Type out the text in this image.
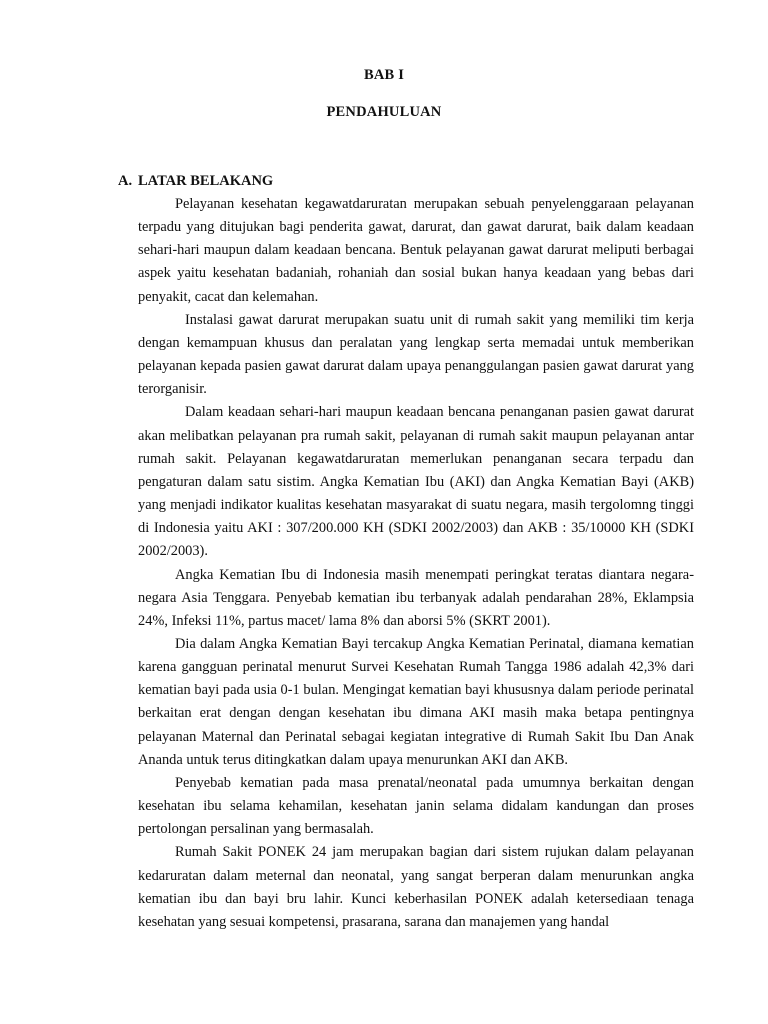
BAB I
PENDAHULUAN
A. LATAR BELAKANG

Pelayanan kesehatan kegawatdaruratan merupakan sebuah penyelenggaraan pelayanan terpadu yang ditujukan bagi penderita gawat, darurat, dan gawat darurat, baik dalam keadaan sehari-hari maupun dalam keadaan bencana. Bentuk pelayanan gawat darurat meliputi berbagai aspek yaitu kesehatan badaniah, rohaniah dan sosial bukan hanya keadaan yang bebas dari penyakit, cacat dan kelemahan.

Instalasi gawat darurat merupakan suatu unit di rumah sakit yang memiliki tim kerja dengan kemampuan khusus dan peralatan yang lengkap serta memadai untuk memberikan pelayanan kepada pasien gawat darurat dalam upaya penanggulangan pasien gawat darurat yang terorganisir.

Dalam keadaan sehari-hari maupun keadaan bencana penanganan pasien gawat darurat akan melibatkan pelayanan pra rumah sakit, pelayanan di rumah sakit maupun pelayanan antar rumah sakit. Pelayanan kegawatdaruratan memerlukan penanganan secara terpadu dan pengaturan dalam satu sistim. Angka Kematian Ibu (AKI) dan Angka Kematian Bayi (AKB) yang menjadi indikator kualitas kesehatan masyarakat di suatu negara, masih tergolomng tinggi di Indonesia yaitu AKI : 307/200.000 KH (SDKI 2002/2003) dan AKB : 35/10000 KH (SDKI 2002/2003).

Angka Kematian Ibu di Indonesia masih menempati peringkat teratas diantara negara-negara Asia Tenggara. Penyebab kematian ibu terbanyak adalah pendarahan 28%, Eklampsia 24%, Infeksi 11%, partus macet/ lama 8% dan aborsi 5% (SKRT 2001).

Dia dalam Angka Kematian Bayi tercakup Angka Kematian Perinatal, diamana kematian karena gangguan perinatal menurut Survei Kesehatan Rumah Tangga 1986 adalah 42,3% dari kematian bayi pada usia 0-1 bulan. Mengingat kematian bayi khususnya dalam periode perinatal berkaitan erat dengan dengan kesehatan ibu dimana AKI masih maka betapa pentingnya pelayanan Maternal dan Perinatal sebagai kegiatan integrative di Rumah Sakit Ibu Dan Anak Ananda untuk terus ditingkatkan dalam upaya menurunkan AKI dan AKB.

Penyebab kematian pada masa prenatal/neonatal pada umumnya berkaitan dengan kesehatan ibu selama kehamilan, kesehatan janin selama didalam kandungan dan proses pertolongan persalinan yang bermasalah.

Rumah Sakit PONEK 24 jam merupakan bagian dari sistem rujukan dalam pelayanan kedaruratan dalam meternal dan neonatal, yang sangat berperan dalam menurunkan angka kematian ibu dan bayi bru lahir. Kunci keberhasilan PONEK adalah ketersediaan tenaga kesehatan yang sesuai kompetensi, prasarana, sarana dan manajemen yang handal
